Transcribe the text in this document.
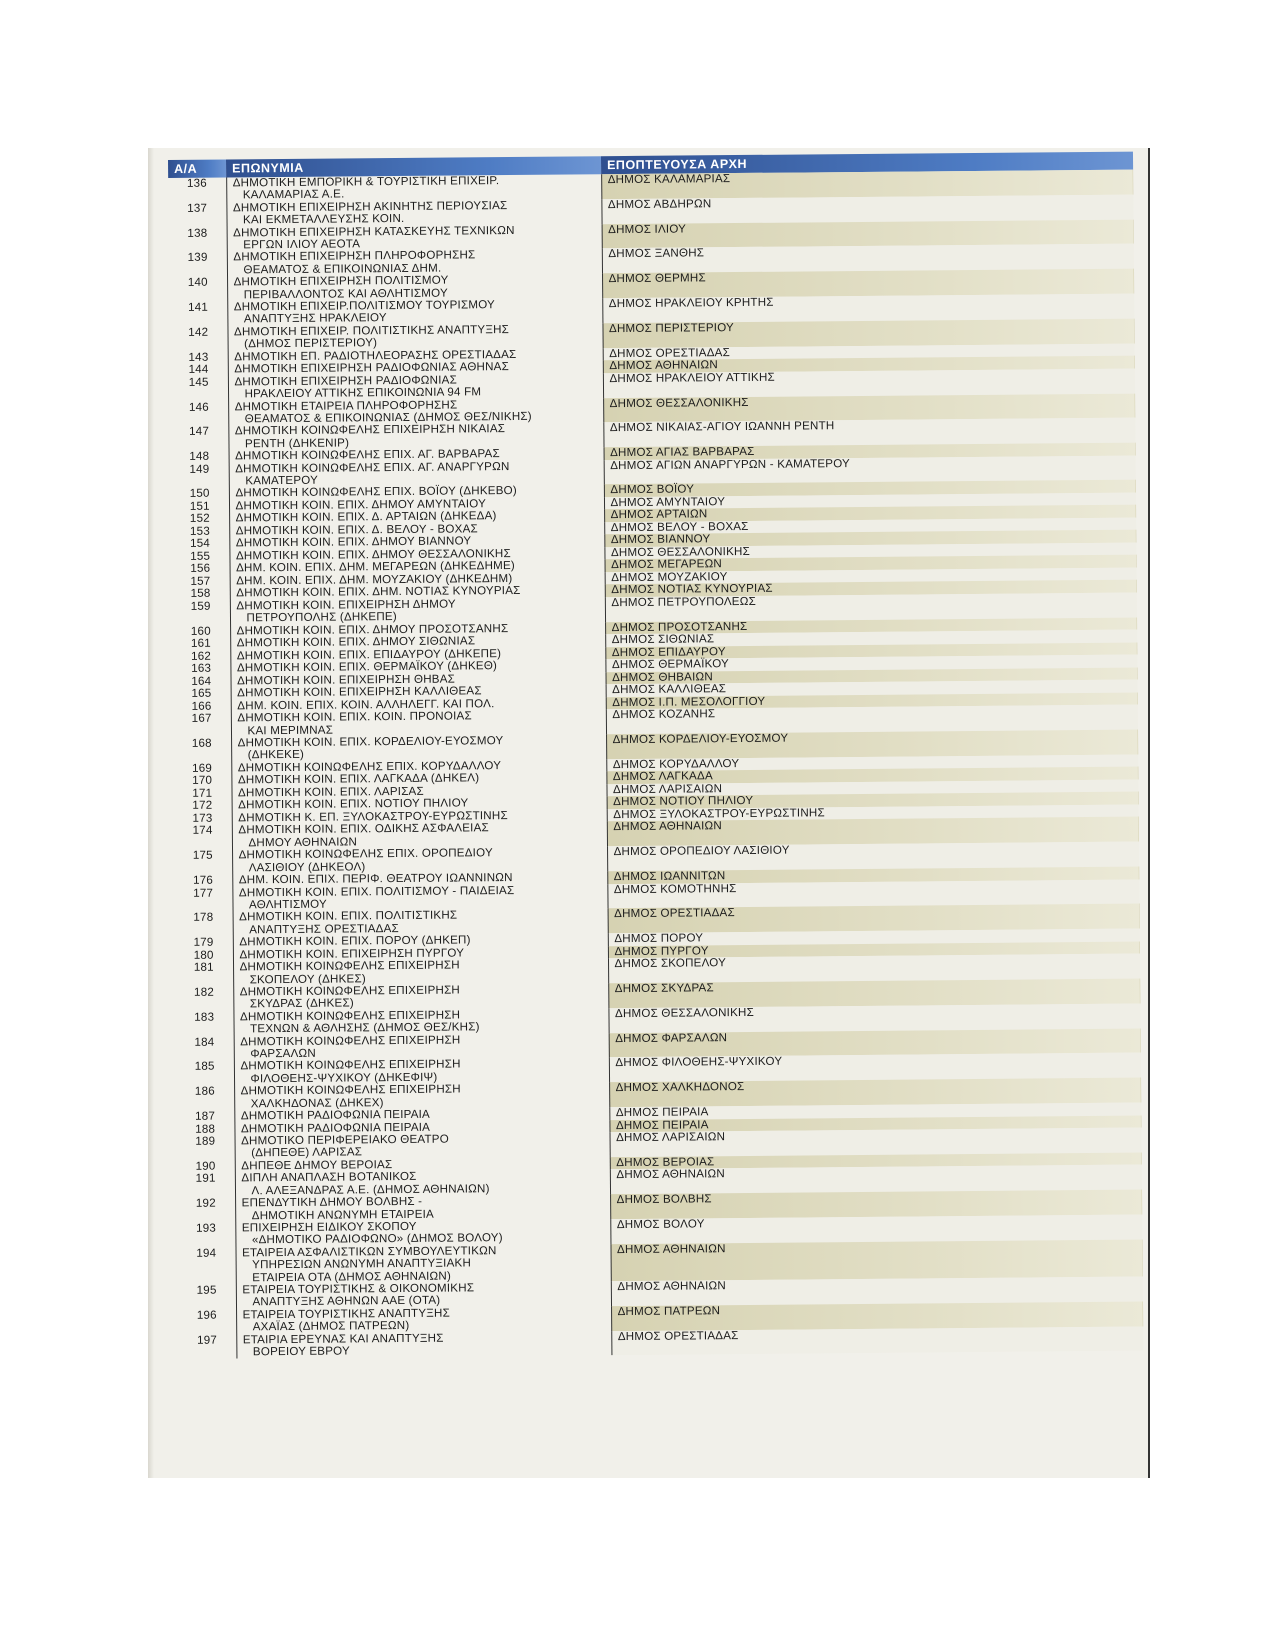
Α/Α	ΕΠΩΝΥΜΙΑ	ΕΠΟΠΤΕΥΟΥΣΑ ΑΡΧΗ
136	ΔΗΜΟΤΙΚΗ ΕΜΠΟΡΙΚΗ & ΤΟΥΡΙΣΤΙΚΗ ΕΠΙΧΕΙΡ.
ΚΑΛΑΜΑΡΙΑΣ Α.Ε.	ΔΗΜΟΣ ΚΑΛΑΜΑΡΙΑΣ
137	ΔΗΜΟΤΙΚΗ ΕΠΙΧΕΙΡΗΣΗ ΑΚΙΝΗΤΗΣ ΠΕΡΙΟΥΣΙΑΣ
ΚΑΙ ΕΚΜΕΤΑΛΛΕΥΣΗΣ ΚΟΙΝ.	ΔΗΜΟΣ ΑΒΔΗΡΩΝ
138	ΔΗΜΟΤΙΚΗ ΕΠΙΧΕΙΡΗΣΗ ΚΑΤΑΣΚΕΥΗΣ ΤΕΧΝΙΚΩΝ
ΕΡΓΩΝ ΙΛΙΟΥ ΑΕΟΤΑ	ΔΗΜΟΣ ΙΛΙΟΥ
139	ΔΗΜΟΤΙΚΗ ΕΠΙΧΕΙΡΗΣΗ ΠΛΗΡΟΦΟΡΗΣΗΣ
ΘΕΑΜΑΤΟΣ & ΕΠΙΚΟΙΝΩΝΙΑΣ ΔΗΜ.	ΔΗΜΟΣ ΞΑΝΘΗΣ
140	ΔΗΜΟΤΙΚΗ ΕΠΙΧΕΙΡΗΣΗ ΠΟΛΙΤΙΣΜΟΥ
ΠΕΡΙΒΑΛΛΟΝΤΟΣ ΚΑΙ ΑΘΛΗΤΙΣΜΟΥ	ΔΗΜΟΣ ΘΕΡΜΗΣ
141	ΔΗΜΟΤΙΚΗ ΕΠΙΧΕΙΡ.ΠΟΛΙΤΙΣΜΟΥ ΤΟΥΡΙΣΜΟΥ
ΑΝΑΠΤΥΞΗΣ ΗΡΑΚΛΕΙΟΥ	ΔΗΜΟΣ ΗΡΑΚΛΕΙΟΥ ΚΡΗΤΗΣ
142	ΔΗΜΟΤΙΚΗ ΕΠΙΧΕΙΡ. ΠΟΛΙΤΙΣΤΙΚΗΣ ΑΝΑΠΤΥΞΗΣ
(ΔΗΜΟΣ ΠΕΡΙΣΤΕΡΙΟΥ)	ΔΗΜΟΣ ΠΕΡΙΣΤΕΡΙΟΥ
143	ΔΗΜΟΤΙΚΗ ΕΠ. ΡΑΔΙΟΤΗΛΕΟΡΑΣΗΣ ΟΡΕΣΤΙΑΔΑΣ	ΔΗΜΟΣ ΟΡΕΣΤΙΑΔΑΣ
144	ΔΗΜΟΤΙΚΗ ΕΠΙΧΕΙΡΗΣΗ ΡΑΔΙΟΦΩΝΙΑΣ ΑΘΗΝΑΣ	ΔΗΜΟΣ ΑΘΗΝΑΙΩΝ
145	ΔΗΜΟΤΙΚΗ ΕΠΙΧΕΙΡΗΣΗ ΡΑΔΙΟΦΩΝΙΑΣ
ΗΡΑΚΛΕΙΟΥ ΑΤΤΙΚΗΣ ΕΠΙΚΟΙΝΩΝΙΑ 94 FM	ΔΗΜΟΣ ΗΡΑΚΛΕΙΟΥ ΑΤΤΙΚΗΣ
146	ΔΗΜΟΤΙΚΗ ΕΤΑΙΡΕΙΑ ΠΛΗΡΟΦΟΡΗΣΗΣ
ΘΕΑΜΑΤΟΣ & ΕΠΙΚΟΙΝΩΝΙΑΣ (ΔΗΜΟΣ ΘΕΣ/ΝΙΚΗΣ)	ΔΗΜΟΣ ΘΕΣΣΑΛΟΝΙΚΗΣ
147	ΔΗΜΟΤΙΚΗ ΚΟΙΝΩΦΕΛΗΣ ΕΠΙΧΕΙΡΗΣΗ ΝΙΚΑΙΑΣ
ΡΕΝΤΗ (ΔΗΚΕΝΙΡ)	ΔΗΜΟΣ ΝΙΚΑΙΑΣ-ΑΓΙΟΥ ΙΩΑΝΝΗ ΡΕΝΤΗ
148	ΔΗΜΟΤΙΚΗ ΚΟΙΝΩΦΕΛΗΣ ΕΠΙΧ. ΑΓ. ΒΑΡΒΑΡΑΣ	ΔΗΜΟΣ ΑΓΙΑΣ ΒΑΡΒΑΡΑΣ
149	ΔΗΜΟΤΙΚΗ ΚΟΙΝΩΦΕΛΗΣ ΕΠΙΧ. ΑΓ. ΑΝΑΡΓΥΡΩΝ
ΚΑΜΑΤΕΡΟΥ	ΔΗΜΟΣ ΑΓΙΩΝ ΑΝΑΡΓΥΡΩΝ - ΚΑΜΑΤΕΡΟΥ
150	ΔΗΜΟΤΙΚΗ ΚΟΙΝΩΦΕΛΗΣ ΕΠΙΧ. ΒΟΪΟΥ (ΔΗΚΕΒΟ)	ΔΗΜΟΣ ΒΟΪΟΥ
151	ΔΗΜΟΤΙΚΗ ΚΟΙΝ. ΕΠΙΧ. ΔΗΜΟΥ ΑΜΥΝΤΑΙΟΥ	ΔΗΜΟΣ ΑΜΥΝΤΑΙΟΥ
152	ΔΗΜΟΤΙΚΗ ΚΟΙΝ. ΕΠΙΧ. Δ. ΑΡΤΑΙΩΝ (ΔΗΚΕΔΑ)	ΔΗΜΟΣ ΑΡΤΑΙΩΝ
153	ΔΗΜΟΤΙΚΗ ΚΟΙΝ. ΕΠΙΧ. Δ. ΒΕΛΟΥ - ΒΟΧΑΣ	ΔΗΜΟΣ ΒΕΛΟΥ - ΒΟΧΑΣ
154	ΔΗΜΟΤΙΚΗ ΚΟΙΝ. ΕΠΙΧ. ΔΗΜΟΥ ΒΙΑΝΝΟΥ	ΔΗΜΟΣ ΒΙΑΝΝΟΥ
155	ΔΗΜΟΤΙΚΗ ΚΟΙΝ. ΕΠΙΧ. ΔΗΜΟΥ ΘΕΣΣΑΛΟΝΙΚΗΣ	ΔΗΜΟΣ ΘΕΣΣΑΛΟΝΙΚΗΣ
156	ΔΗΜ. ΚΟΙΝ. ΕΠΙΧ. ΔΗΜ. ΜΕΓΑΡΕΩΝ (ΔΗΚΕΔΗΜΕ)	ΔΗΜΟΣ ΜΕΓΑΡΕΩΝ
157	ΔΗΜ. ΚΟΙΝ. ΕΠΙΧ. ΔΗΜ. ΜΟΥΖΑΚΙΟΥ (ΔΗΚΕΔΗΜ)	ΔΗΜΟΣ ΜΟΥΖΑΚΙΟΥ
158	ΔΗΜΟΤΙΚΗ ΚΟΙΝ. ΕΠΙΧ. ΔΗΜ. ΝΟΤΙΑΣ ΚΥΝΟΥΡΙΑΣ	ΔΗΜΟΣ ΝΟΤΙΑΣ ΚΥΝΟΥΡΙΑΣ
159	ΔΗΜΟΤΙΚΗ ΚΟΙΝ. ΕΠΙΧΕΙΡΗΣΗ ΔΗΜΟΥ
ΠΕΤΡΟΥΠΟΛΗΣ (ΔΗΚΕΠΕ)	ΔΗΜΟΣ ΠΕΤΡΟΥΠΟΛΕΩΣ
160	ΔΗΜΟΤΙΚΗ ΚΟΙΝ. ΕΠΙΧ. ΔΗΜΟΥ ΠΡΟΣΟΤΣΑΝΗΣ	ΔΗΜΟΣ ΠΡΟΣΟΤΣΑΝΗΣ
161	ΔΗΜΟΤΙΚΗ ΚΟΙΝ. ΕΠΙΧ. ΔΗΜΟΥ ΣΙΘΩΝΙΑΣ	ΔΗΜΟΣ ΣΙΘΩΝΙΑΣ
162	ΔΗΜΟΤΙΚΗ ΚΟΙΝ. ΕΠΙΧ. ΕΠΙΔΑΥΡΟΥ (ΔΗΚΕΠΕ)	ΔΗΜΟΣ ΕΠΙΔΑΥΡΟΥ
163	ΔΗΜΟΤΙΚΗ ΚΟΙΝ. ΕΠΙΧ. ΘΕΡΜΑΪΚΟΥ (ΔΗΚΕΘ)	ΔΗΜΟΣ ΘΕΡΜΑΪΚΟΥ
164	ΔΗΜΟΤΙΚΗ ΚΟΙΝ. ΕΠΙΧΕΙΡΗΣΗ ΘΗΒΑΣ	ΔΗΜΟΣ ΘΗΒΑΙΩΝ
165	ΔΗΜΟΤΙΚΗ ΚΟΙΝ. ΕΠΙΧΕΙΡΗΣΗ ΚΑΛΛΙΘΕΑΣ	ΔΗΜΟΣ ΚΑΛΛΙΘΕΑΣ
166	ΔΗΜ. ΚΟΙΝ. ΕΠΙΧ. ΚΟΙΝ. ΑΛΛΗΛΕΓΓ. ΚΑΙ ΠΟΛ.	ΔΗΜΟΣ Ι.Π. ΜΕΣΟΛΟΓΓΙΟΥ
167	ΔΗΜΟΤΙΚΗ ΚΟΙΝ. ΕΠΙΧ. ΚΟΙΝ. ΠΡΟΝΟΙΑΣ
ΚΑΙ ΜΕΡΙΜΝΑΣ	ΔΗΜΟΣ ΚΟΖΑΝΗΣ
168	ΔΗΜΟΤΙΚΗ ΚΟΙΝ. ΕΠΙΧ. ΚΟΡΔΕΛΙΟΥ-ΕΥΟΣΜΟΥ
(ΔΗΚΕΚΕ)	ΔΗΜΟΣ ΚΟΡΔΕΛΙΟΥ-ΕΥΟΣΜΟΥ
169	ΔΗΜΟΤΙΚΗ ΚΟΙΝΩΦΕΛΗΣ ΕΠΙΧ. ΚΟΡΥΔΑΛΛΟΥ	ΔΗΜΟΣ ΚΟΡΥΔΑΛΛΟΥ
170	ΔΗΜΟΤΙΚΗ ΚΟΙΝ. ΕΠΙΧ. ΛΑΓΚΑΔΑ (ΔΗΚΕΛ)	ΔΗΜΟΣ ΛΑΓΚΑΔΑ
171	ΔΗΜΟΤΙΚΗ ΚΟΙΝ. ΕΠΙΧ. ΛΑΡΙΣΑΣ	ΔΗΜΟΣ ΛΑΡΙΣΑΙΩΝ
172	ΔΗΜΟΤΙΚΗ ΚΟΙΝ. ΕΠΙΧ. ΝΟΤΙΟΥ ΠΗΛΙΟΥ	ΔΗΜΟΣ ΝΟΤΙΟΥ ΠΗΛΙΟΥ
173	ΔΗΜΟΤΙΚΗ Κ. ΕΠ. ΞΥΛΟΚΑΣΤΡΟΥ-ΕΥΡΩΣΤΙΝΗΣ	ΔΗΜΟΣ ΞΥΛΟΚΑΣΤΡΟΥ-ΕΥΡΩΣΤΙΝΗΣ
174	ΔΗΜΟΤΙΚΗ ΚΟΙΝ. ΕΠΙΧ. ΟΔΙΚΗΣ ΑΣΦΑΛΕΙΑΣ
ΔΗΜΟΥ ΑΘΗΝΑΙΩΝ	ΔΗΜΟΣ ΑΘΗΝΑΙΩΝ
175	ΔΗΜΟΤΙΚΗ ΚΟΙΝΩΦΕΛΗΣ ΕΠΙΧ. ΟΡΟΠΕΔΙΟΥ
ΛΑΣΙΘΙΟΥ (ΔΗΚΕΟΛ)	ΔΗΜΟΣ ΟΡΟΠΕΔΙΟΥ ΛΑΣΙΘΙΟΥ
176	ΔΗΜ. ΚΟΙΝ. ΕΠΙΧ. ΠΕΡΙΦ. ΘΕΑΤΡΟΥ ΙΩΑΝΝΙΝΩΝ	ΔΗΜΟΣ ΙΩΑΝΝΙΤΩΝ
177	ΔΗΜΟΤΙΚΗ ΚΟΙΝ. ΕΠΙΧ. ΠΟΛΙΤΙΣΜΟΥ - ΠΑΙΔΕΙΑΣ
ΑΘΛΗΤΙΣΜΟΥ	ΔΗΜΟΣ ΚΟΜΟΤΗΝΗΣ
178	ΔΗΜΟΤΙΚΗ ΚΟΙΝ. ΕΠΙΧ. ΠΟΛΙΤΙΣΤΙΚΗΣ
ΑΝΑΠΤΥΞΗΣ ΟΡΕΣΤΙΑΔΑΣ	ΔΗΜΟΣ ΟΡΕΣΤΙΑΔΑΣ
179	ΔΗΜΟΤΙΚΗ ΚΟΙΝ. ΕΠΙΧ. ΠΟΡΟΥ (ΔΗΚΕΠ)	ΔΗΜΟΣ ΠΟΡΟΥ
180	ΔΗΜΟΤΙΚΗ ΚΟΙΝ. ΕΠΙΧΕΙΡΗΣΗ ΠΥΡΓΟΥ	ΔΗΜΟΣ ΠΥΡΓΟΥ
181	ΔΗΜΟΤΙΚΗ ΚΟΙΝΩΦΕΛΗΣ ΕΠΙΧΕΙΡΗΣΗ
ΣΚΟΠΕΛΟΥ (ΔΗΚΕΣ)	ΔΗΜΟΣ ΣΚΟΠΕΛΟΥ
182	ΔΗΜΟΤΙΚΗ ΚΟΙΝΩΦΕΛΗΣ ΕΠΙΧΕΙΡΗΣΗ
ΣΚΥΔΡΑΣ (ΔΗΚΕΣ)	ΔΗΜΟΣ ΣΚΥΔΡΑΣ
183	ΔΗΜΟΤΙΚΗ ΚΟΙΝΩΦΕΛΗΣ ΕΠΙΧΕΙΡΗΣΗ
ΤΕΧΝΩΝ & ΑΘΛΗΣΗΣ (ΔΗΜΟΣ ΘΕΣ/ΚΗΣ)	ΔΗΜΟΣ ΘΕΣΣΑΛΟΝΙΚΗΣ
184	ΔΗΜΟΤΙΚΗ ΚΟΙΝΩΦΕΛΗΣ ΕΠΙΧΕΙΡΗΣΗ
ΦΑΡΣΑΛΩΝ	ΔΗΜΟΣ ΦΑΡΣΑΛΩΝ
185	ΔΗΜΟΤΙΚΗ ΚΟΙΝΩΦΕΛΗΣ ΕΠΙΧΕΙΡΗΣΗ
ΦΙΛΟΘΕΗΣ-ΨΥΧΙΚΟΥ (ΔΗΚΕΦΙΨ)	ΔΗΜΟΣ ΦΙΛΟΘΕΗΣ-ΨΥΧΙΚΟΥ
186	ΔΗΜΟΤΙΚΗ ΚΟΙΝΩΦΕΛΗΣ ΕΠΙΧΕΙΡΗΣΗ
ΧΑΛΚΗΔΟΝΑΣ (ΔΗΚΕΧ)	ΔΗΜΟΣ ΧΑΛΚΗΔΟΝΟΣ
187	ΔΗΜΟΤΙΚΗ ΡΑΔΙΟΦΩΝΙΑ ΠΕΙΡΑΙΑ	ΔΗΜΟΣ ΠΕΙΡΑΙΑ
188	ΔΗΜΟΤΙΚΗ ΡΑΔΙΟΦΩΝΙΑ ΠΕΙΡΑΙΑ	ΔΗΜΟΣ ΠΕΙΡΑΙΑ
189	ΔΗΜΟΤΙΚΟ ΠΕΡΙΦΕΡΕΙΑΚΟ ΘΕΑΤΡΟ
(ΔΗΠΕΘΕ) ΛΑΡΙΣΑΣ	ΔΗΜΟΣ ΛΑΡΙΣΑΙΩΝ
190	ΔΗΠΕΘΕ ΔΗΜΟΥ ΒΕΡΟΙΑΣ	ΔΗΜΟΣ ΒΕΡΟΙΑΣ
191	ΔΙΠΛΗ ΑΝΑΠΛΑΣΗ ΒΟΤΑΝΙΚΟΣ
Λ. ΑΛΕΞΑΝΔΡΑΣ Α.Ε. (ΔΗΜΟΣ ΑΘΗΝΑΙΩΝ)	ΔΗΜΟΣ ΑΘΗΝΑΙΩΝ
192	ΕΠΕΝΔΥΤΙΚΗ ΔΗΜΟΥ ΒΟΛΒΗΣ -
ΔΗΜΟΤΙΚΗ ΑΝΩΝΥΜΗ ΕΤΑΙΡΕΙΑ	ΔΗΜΟΣ ΒΟΛΒΗΣ
193	ΕΠΙΧΕΙΡΗΣΗ ΕΙΔΙΚΟΥ ΣΚΟΠΟΥ
«ΔΗΜΟΤΙΚΟ ΡΑΔΙΟΦΩΝΟ» (ΔΗΜΟΣ ΒΟΛΟΥ)	ΔΗΜΟΣ ΒΟΛΟΥ
194	ΕΤΑΙΡΕΙΑ ΑΣΦΑΛΙΣΤΙΚΩΝ ΣΥΜΒΟΥΛΕΥΤΙΚΩΝ
ΥΠΗΡΕΣΙΩΝ ΑΝΩΝΥΜΗ ΑΝΑΠΤΥΞΙΑΚΗ
ΕΤΑΙΡΕΙΑ ΟΤΑ (ΔΗΜΟΣ ΑΘΗΝΑΙΩΝ)	ΔΗΜΟΣ ΑΘΗΝΑΙΩΝ
195	ΕΤΑΙΡΕΙΑ ΤΟΥΡΙΣΤΙΚΗΣ & ΟΙΚΟΝΟΜΙΚΗΣ
ΑΝΑΠΤΥΞΗΣ ΑΘΗΝΩΝ ΑΑΕ (ΟΤΑ)	ΔΗΜΟΣ ΑΘΗΝΑΙΩΝ
196	ΕΤΑΙΡΕΙΑ ΤΟΥΡΙΣΤΙΚΗΣ ΑΝΑΠΤΥΞΗΣ
ΑΧΑΪΑΣ (ΔΗΜΟΣ ΠΑΤΡΕΩΝ)	ΔΗΜΟΣ ΠΑΤΡΕΩΝ
197	ΕΤΑΙΡΙΑ ΕΡΕΥΝΑΣ ΚΑΙ ΑΝΑΠΤΥΞΗΣ
ΒΟΡΕΙΟΥ ΕΒΡΟΥ	ΔΗΜΟΣ ΟΡΕΣΤΙΑΔΑΣ
